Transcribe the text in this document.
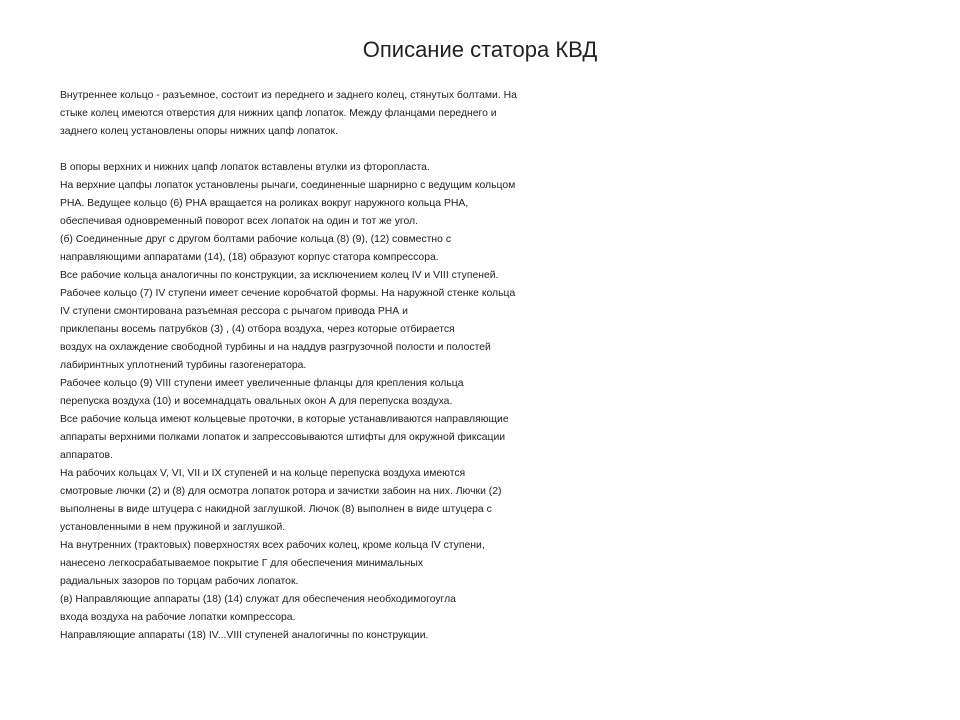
Описание статора КВД
Внутреннее кольцо - разъемное, состоит из переднего и заднего колец, стянутых болтами. На
стыке колец имеются отверстия для нижних цапф лопаток. Между фланцами переднего и
заднего колец установлены опоры нижних цапф лопаток.
В опоры верхних и нижних цапф лопаток вставлены втулки из фторопласта.
На верхние цапфы лопаток установлены рычаги, соединенные шарнирно с ведущим кольцом
РНА. Ведущее кольцо (6) РНА вращается на роликах вокруг наружного кольца РНА,
обеспечивая одновременный поворот всех лопаток на один и тот же угол.
(б) Соединенные друг с другом болтами рабочие кольца (8) (9), (12) совместно с
направляющими аппаратами (14), (18) образуют корпус статора компрессора.
Все рабочие кольца аналогичны по конструкции, за исключением колец IV и VIII ступеней.
Рабочее кольцо (7) IV ступени имеет сечение коробчатой формы. На наружной стенке кольца
IV ступени смонтирована разъемная рессора с рычагом привода РНА и
приклепаны восемь патрубков (3) , (4) отбора воздуха, через которые отбирается
воздух на охлаждение свободной турбины и на наддув разгрузочной полости и полостей
лабиринтных уплотнений турбины газогенератора.
Рабочее кольцо (9) VIII ступени имеет увеличенные фланцы для крепления кольца
перепуска воздуха (10) и восемнадцать овальных окон А для перепуска воздуха.
Все рабочие кольца имеют кольцевые проточки, в которые устанавливаются направляющие
аппараты верхними полками лопаток и запрессовываются штифты для окружной фиксации
аппаратов.
На рабочих кольцах V, VI, VII и IX ступеней и на кольце перепуска воздуха имеются
смотровые лючки (2) и (8) для осмотра лопаток ротора и зачистки забоин на них. Лючки (2)
выполнены в виде штуцера с накидной заглушкой. Лючок (8) выполнен в виде штуцера с
установленными в нем пружиной и заглушкой.
На внутренних (трактовых) поверхностях всех рабочих колец, кроме кольца IV ступени,
нанесено легкосрабатываемое покрытие Г для обеспечения минимальных
радиальных зазоров по торцам рабочих лопаток.
(в) Направляющие аппараты (18) (14) служат для обеспечения необходимогоугла
входа воздуха на рабочие лопатки компрессора.
Направляющие аппараты (18) IV...VIII ступеней аналогичны по конструкции.
